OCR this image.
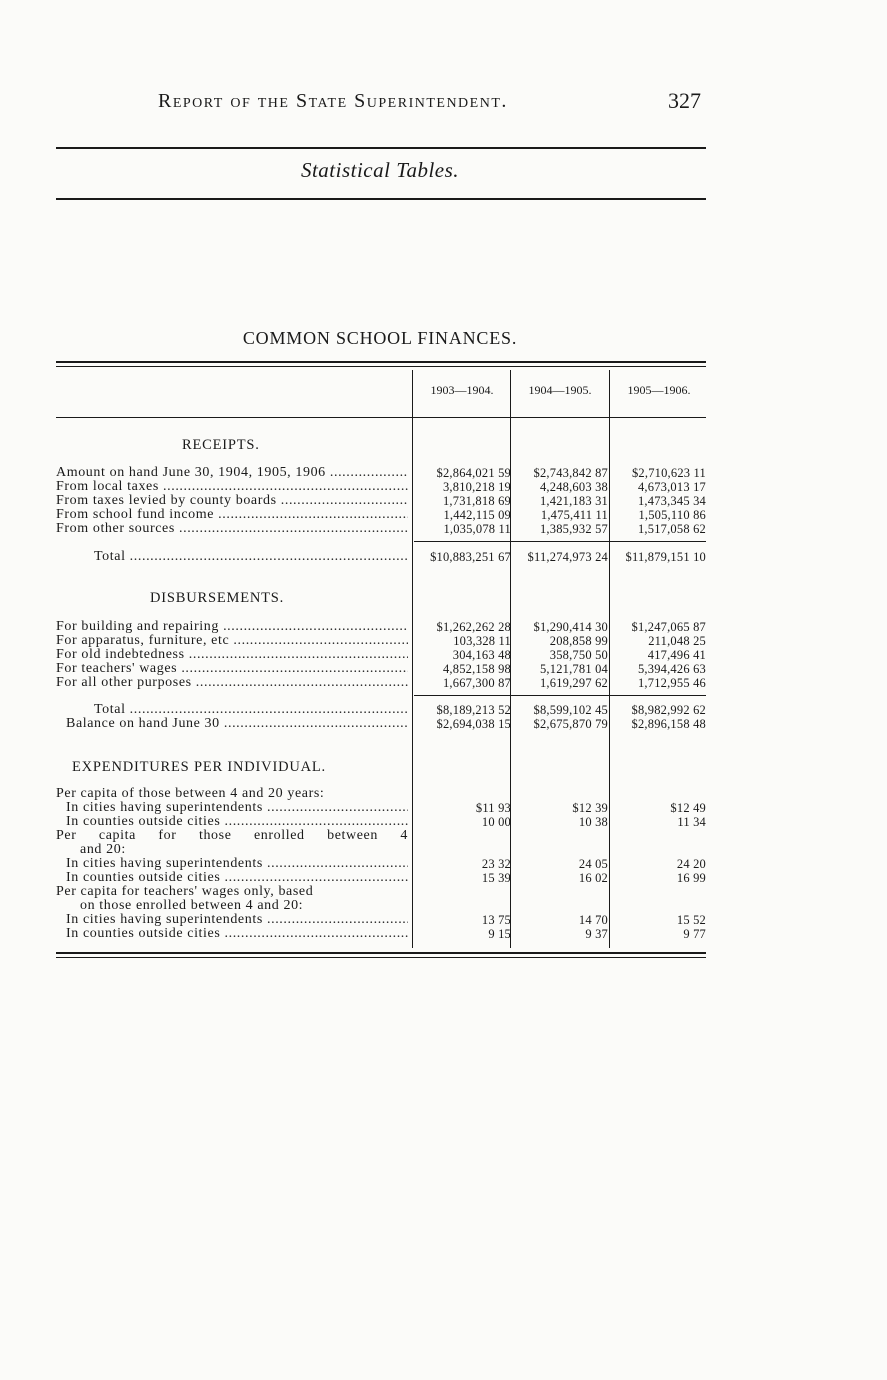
Report of the State Superintendent.	327
Statistical Tables.
COMMON SCHOOL FINANCES.
1903—1904.	1904—1905.	1905—1906.
RECEIPTS.
Amount on hand June 30, 1904, 1905, 1906 .....	$2,864,021 59	$2,743,842 87	$2,710,623 11
From local taxes .....	3,810,218 19	4,248,603 38	4,673,013 17
From taxes levied by county boards .....	1,731,818 69	1,421,183 31	1,473,345 34
From school fund income .....	1,442,115 09	1,475,411 11	1,505,110 86
From other sources .....	1,035,078 11	1,385,932 57	1,517,058 62
Total .....	$10,883,251 67	$11,274,973 24	$11,879,151 10
DISBURSEMENTS.
For building and repairing .....	$1,262,262 28	$1,290,414 30	$1,247,065 87
For apparatus, furniture, etc .....	103,328 11	208,858 99	211,048 25
For old indebtedness .....	304,163 48	358,750 50	417,496 41
For teachers' wages .....	4,852,158 98	5,121,781 04	5,394,426 63
For all other purposes .....	1,667,300 87	1,619,297 62	1,712,955 46
Total .....	$8,189,213 52	$8,599,102 45	$8,982,992 62
Balance on hand June 30 .....	$2,694,038 15	$2,675,870 79	$2,896,158 48
EXPENDITURES PER INDIVIDUAL.
Per capita of those between 4 and 20 years:
In cities having superintendents .....	$11 93	$12 39	$12 49
In counties outside cities .....	10 00	10 38	11 34
Per capita for those enrolled between 4
and 20:
In cities having superintendents .....	23 32	24 05	24 20
In counties outside cities .....	15 39	16 02	16 99
Per capita for teachers' wages only, based
on those enrolled between 4 and 20:
In cities having superintendents .....	13 75	14 70	15 52
In counties outside cities .....	9 15	9 37	9 77
